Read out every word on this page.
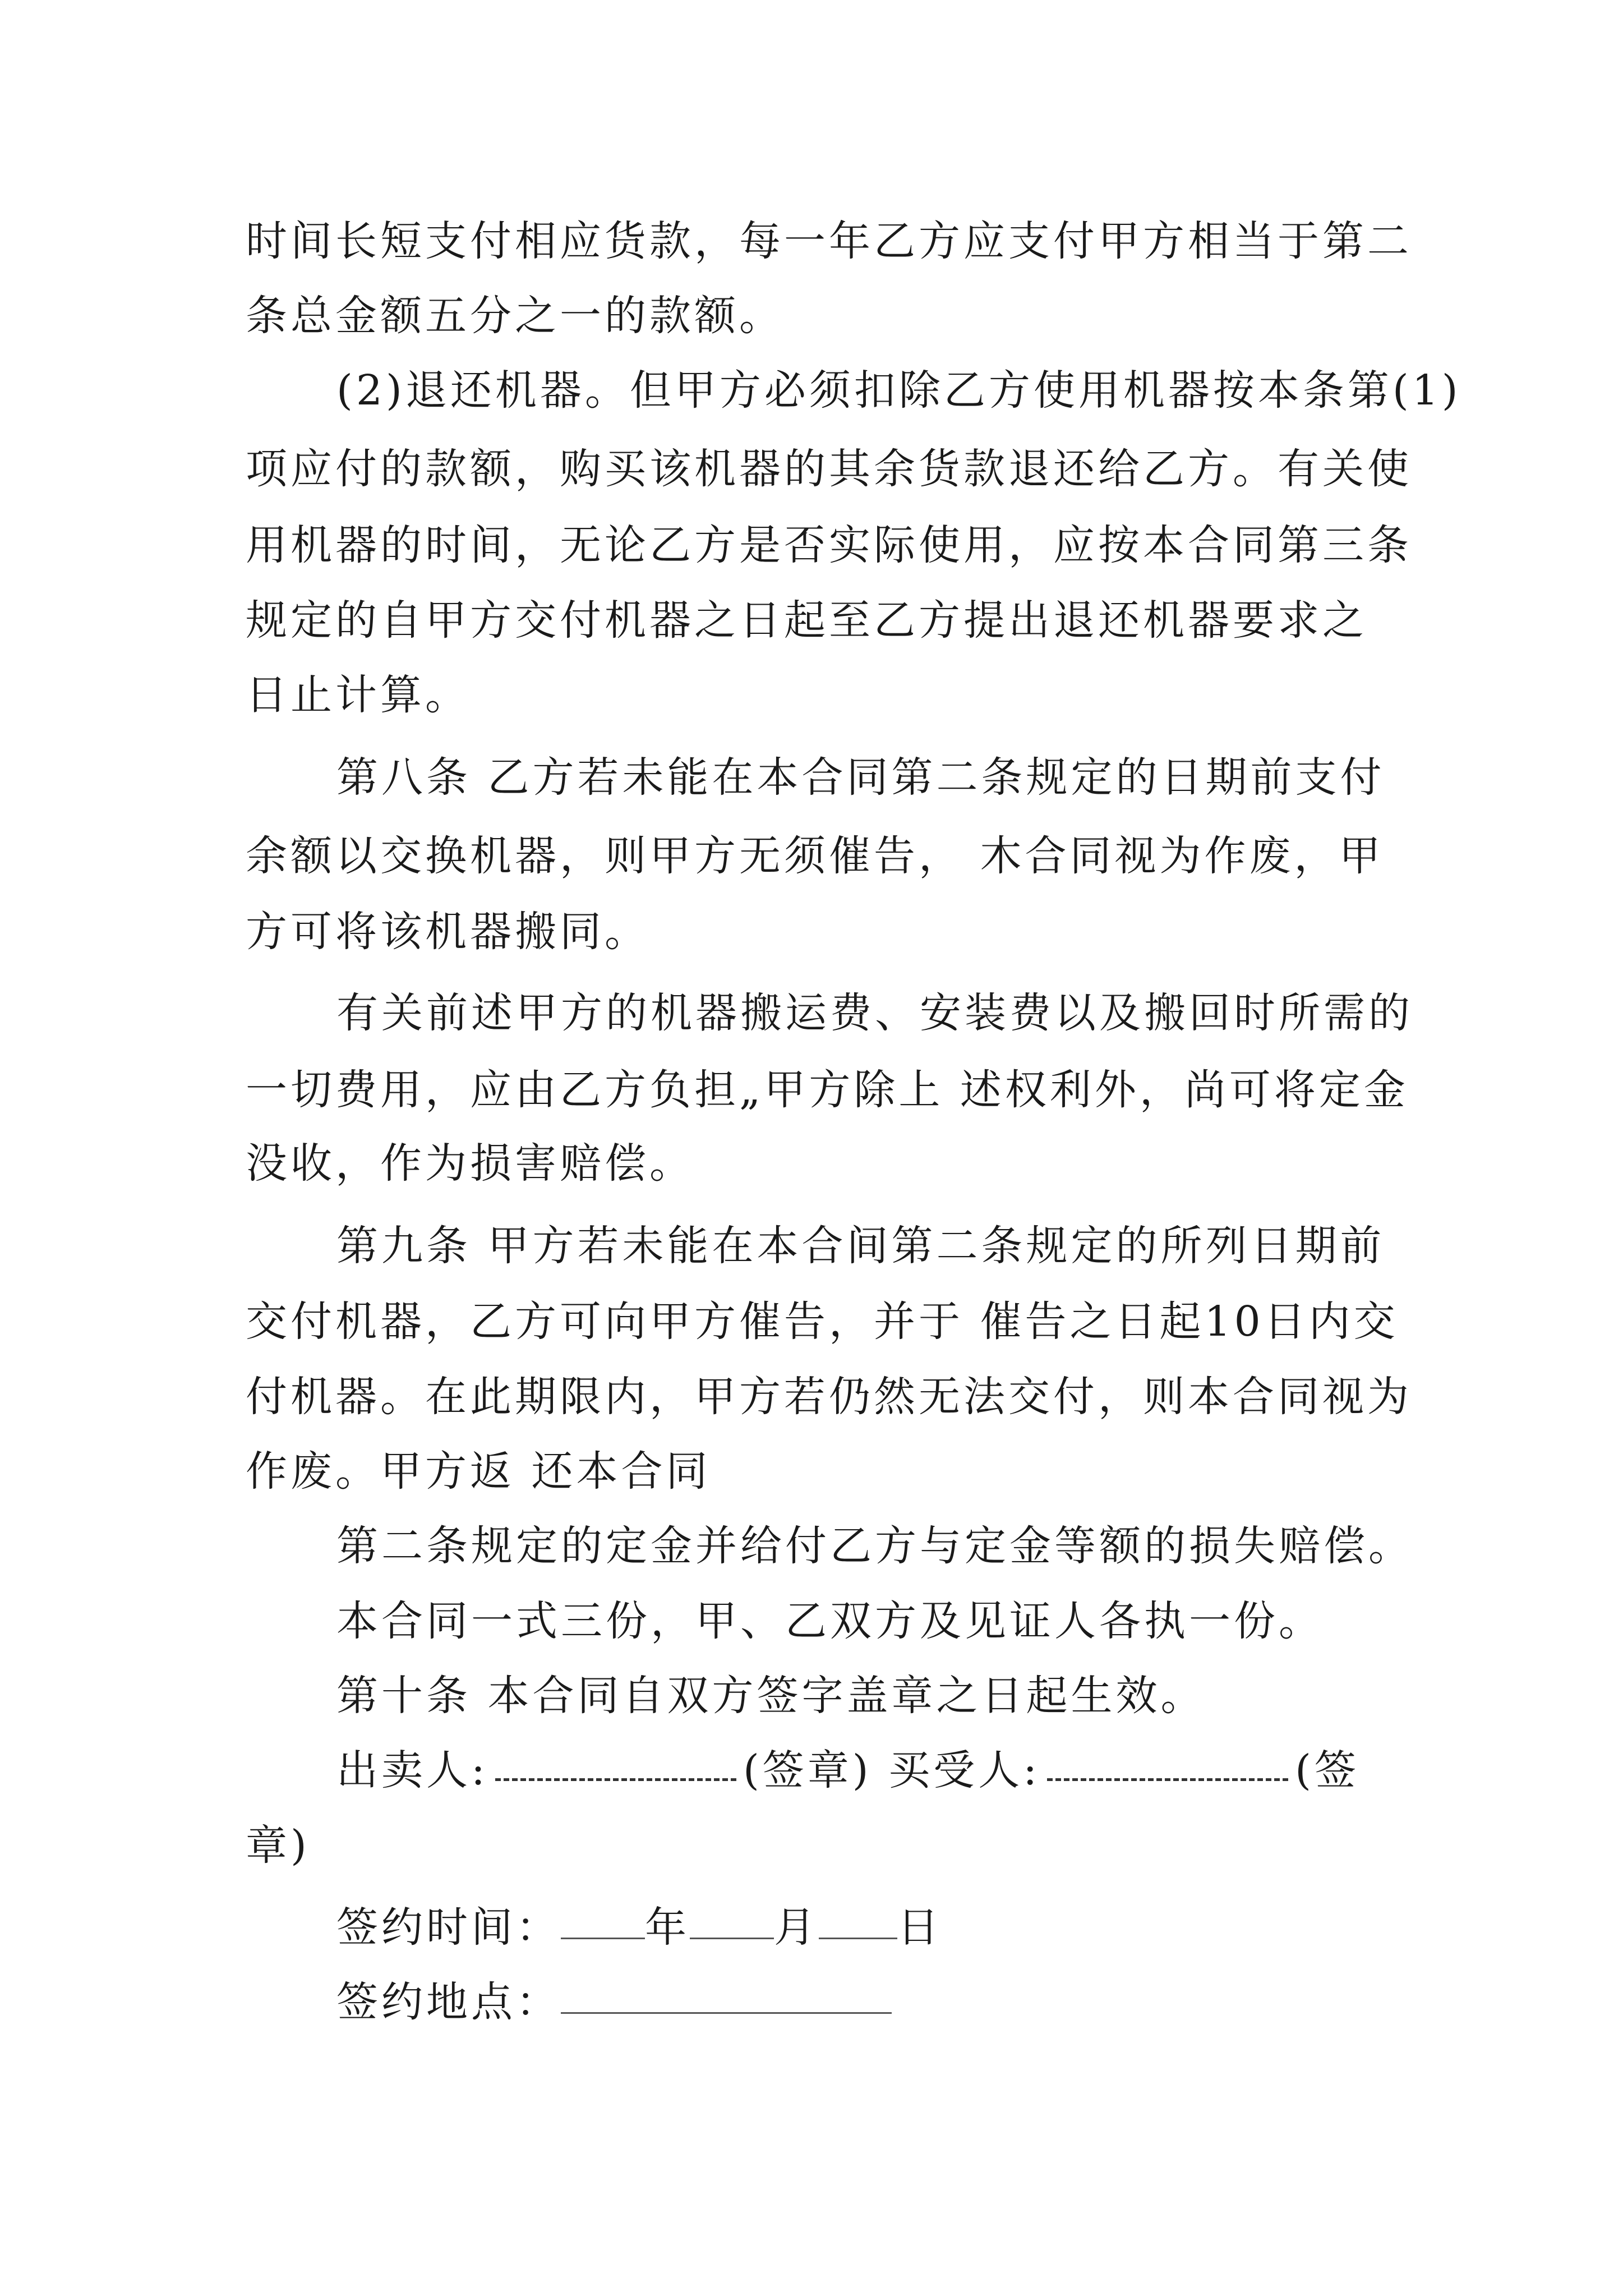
时间长短支付相应货款，每一年乙方应支付甲方相当于第二
条总金额五分之一的款额。
(2)退还机器。但甲方必须扣除乙方使用机器按本条第(1)
项应付的款额，购买该机器的其余货款退还给乙方。有关使
用机器的时间，无论乙方是否实际使用，应按本合同第三条
规定的自甲方交付机器之日起至乙方提出退还机器要求之
日止计算。
第八条 乙方若未能在本合同第二条规定的日期前支付
余额以交换机器，则甲方无须催告， 木合同视为作废，甲
方可将该机器搬同。
有关前述甲方的机器搬运费、安装费以及搬回时所需的
一切费用，应由乙方负担„甲方除上 述权利外，尚可将定金
没收，作为损害赔偿。
第九条 甲方若未能在本合间第二条规定的所列日期前
交付机器，乙方可向甲方催告，并于 催告之日起10日内交
付机器。在此期限内，甲方若仍然无法交付，则本合同视为
作废。甲方返 还本合同
第二条规定的定金并给付乙方与定金等额的损失赔偿。
本合同一式三份，甲、乙双方及见证人各执一份。
第十条 本合同自双方签字盖章之日起生效。
出卖人:	(签章) 买受人:	(签
章)
签约时间： 年 月 日
签约地点：
